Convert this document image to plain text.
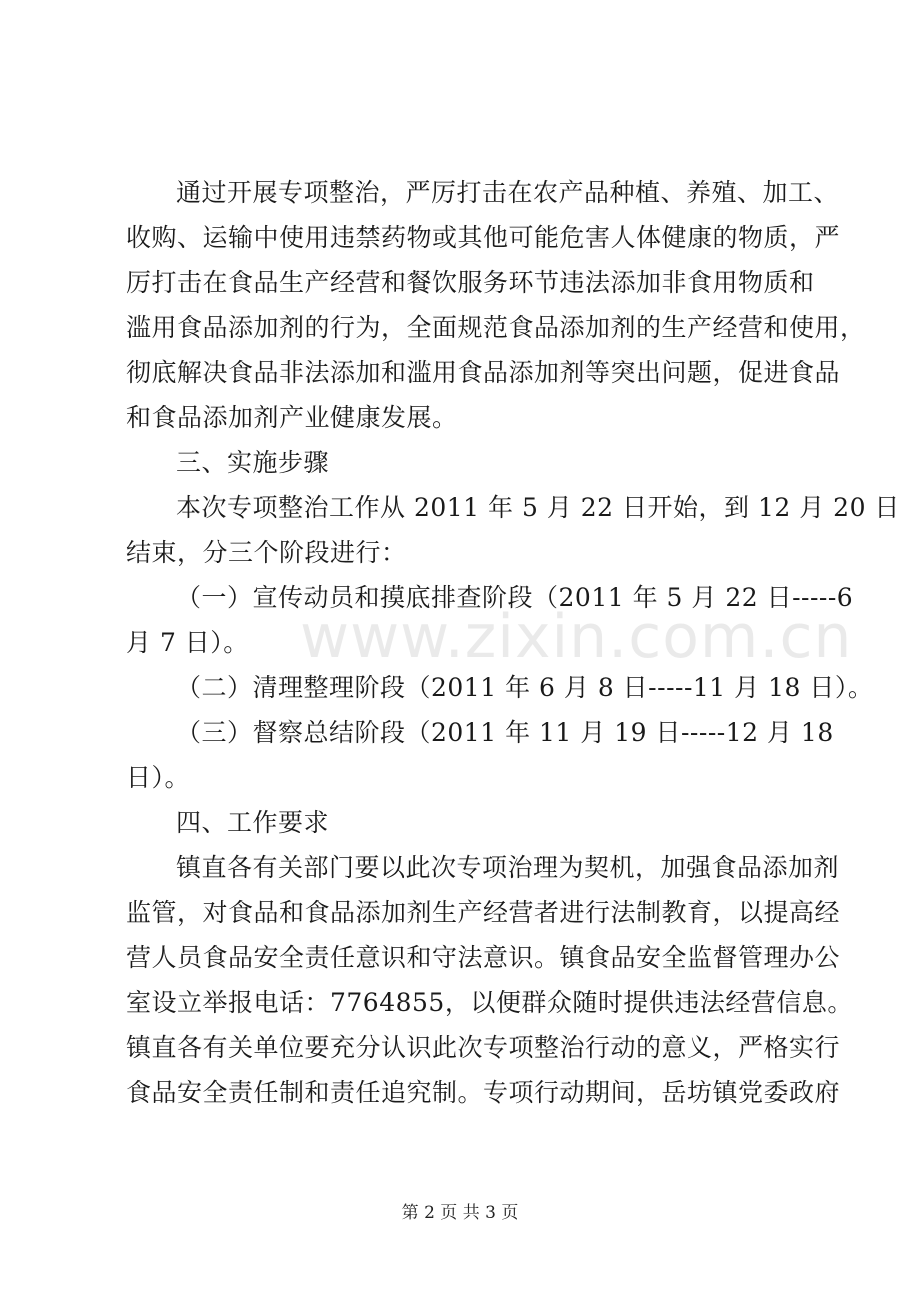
通过开展专项整治，严厉打击在农产品种植、养殖、加工、
收购、运输中使用违禁药物或其他可能危害人体健康的物质，严
厉打击在食品生产经营和餐饮服务环节违法添加非食用物质和
滥用食品添加剂的行为，全面规范食品添加剂的生产经营和使用，
彻底解决食品非法添加和滥用食品添加剂等突出问题，促进食品
和食品添加剂产业健康发展。
三、实施步骤
本次专项整治工作从 2011 年 5 月 22 日开始，到 12 月 20 日
结束，分三个阶段进行：
（一）宣传动员和摸底排查阶段（2011 年 5 月 22 日-----6
月 7 日）。
（二）清理整理阶段（2011 年 6 月 8 日-----11 月 18 日）。
（三）督察总结阶段（2011 年 11 月 19 日-----12 月 18
日）。
四、工作要求
镇直各有关部门要以此次专项治理为契机，加强食品添加剂
监管，对食品和食品添加剂生产经营者进行法制教育，以提高经
营人员食品安全责任意识和守法意识。镇食品安全监督管理办公
室设立举报电话：7764855，以便群众随时提供违法经营信息。
镇直各有关单位要充分认识此次专项整治行动的意义，严格实行
食品安全责任制和责任追究制。专项行动期间，岳坊镇党委政府
www.zixin.com.cn
第 2 页 共 3 页
